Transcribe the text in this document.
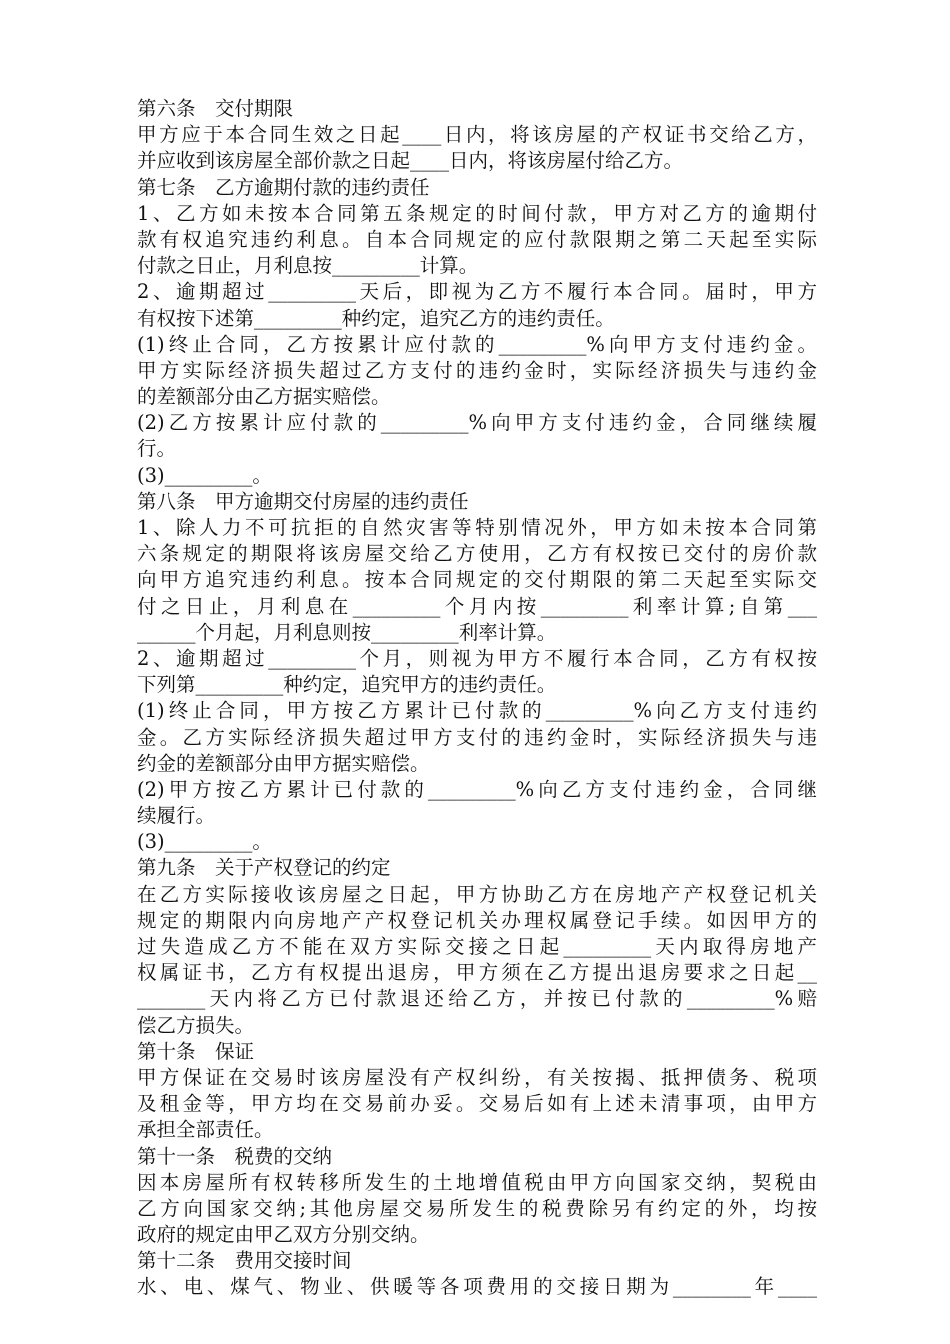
第六条　交付期限
甲方应于本合同生效之日起____日内，将该房屋的产权证书交给乙方，
并应收到该房屋全部价款之日起____日内，将该房屋付给乙方。
第七条　乙方逾期付款的违约责任
1、乙方如未按本合同第五条规定的时间付款，甲方对乙方的逾期付
款有权追究违约利息。自本合同规定的应付款限期之第二天起至实际
付款之日止，月利息按_________计算。
2、逾期超过_________天后，即视为乙方不履行本合同。届时，甲方
有权按下述第_________种约定，追究乙方的违约责任。
(1)终止合同，乙方按累计应付款的_________%向甲方支付违约金。
甲方实际经济损失超过乙方支付的违约金时，实际经济损失与违约金
的差额部分由乙方据实赔偿。
(2)乙方按累计应付款的_________%向甲方支付违约金，合同继续履
行。
(3)_________。
第八条　甲方逾期交付房屋的违约责任
1、除人力不可抗拒的自然灾害等特别情况外，甲方如未按本合同第
六条规定的期限将该房屋交给乙方使用，乙方有权按已交付的房价款
向甲方追究违约利息。按本合同规定的交付期限的第二天起至实际交
付之日止，月利息在_________个月内按_________利率计算;自第___
______个月起，月利息则按_________利率计算。
2、逾期超过_________个月，则视为甲方不履行本合同，乙方有权按
下列第_________种约定，追究甲方的违约责任。
(1)终止合同，甲方按乙方累计已付款的_________%向乙方支付违约
金。乙方实际经济损失超过甲方支付的违约金时，实际经济损失与违
约金的差额部分由甲方据实赔偿。
(2)甲方按乙方累计已付款的_________%向乙方支付违约金，合同继
续履行。
(3)_________。
第九条　关于产权登记的约定
在乙方实际接收该房屋之日起，甲方协助乙方在房地产产权登记机关
规定的期限内向房地产产权登记机关办理权属登记手续。如因甲方的
过失造成乙方不能在双方实际交接之日起_________天内取得房地产
权属证书，乙方有权提出退房，甲方须在乙方提出退房要求之日起__
_______天内将乙方已付款退还给乙方，并按已付款的_________%赔
偿乙方损失。
第十条　保证
甲方保证在交易时该房屋没有产权纠纷，有关按揭、抵押债务、税项
及租金等，甲方均在交易前办妥。交易后如有上述未清事项，由甲方
承担全部责任。
第十一条　税费的交纳
因本房屋所有权转移所发生的土地增值税由甲方向国家交纳，契税由
乙方向国家交纳;其他房屋交易所发生的税费除另有约定的外，均按
政府的规定由甲乙双方分别交纳。
第十二条　费用交接时间
水、电、煤气、物业、供暖等各项费用的交接日期为________年____
